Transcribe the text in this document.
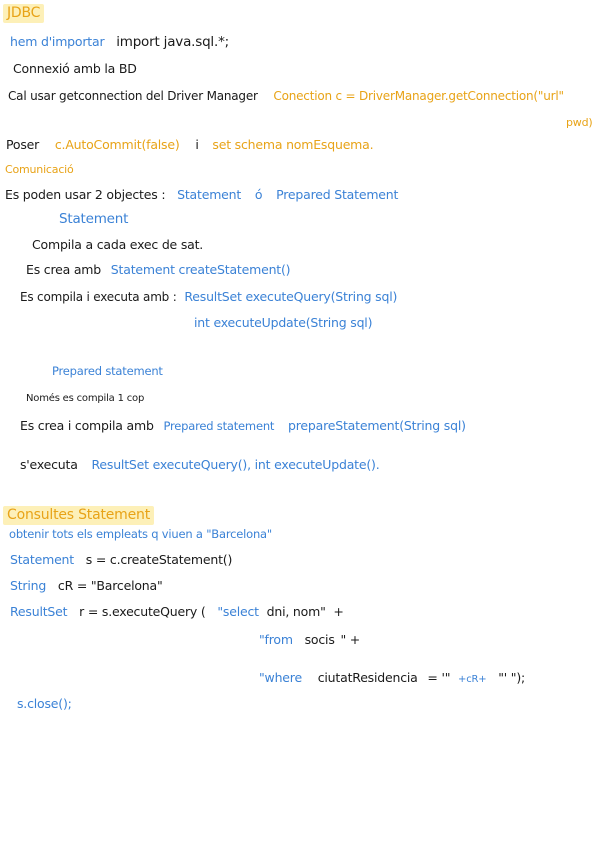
JDBC
hem d'importar import java.sql.*;
Connexió amb la BD
Cal usar getconnection del Driver Manager Conection c = DriverManager.getConnection("url"
pwd)
Poser c.AutoCommit(false) i set schema nomEsquema.
Comunicació
Es poden usar 2 objectes : Statement ó Prepared Statement
Statement
Compila a cada exec de sat.
Es crea amb Statement createStatement()
Es compila i executa amb : ResultSet executeQuery(String sql)
int executeUpdate(String sql)
Prepared statement
Només es compila 1 cop
Es crea i compila amb Prepared statement prepareStatement(String sql)
s'executa ResultSet executeQuery(), int executeUpdate().
Consultes Statement
obtenir tots els empleats q viuen a "Barcelona"
Statement s = c.createStatement()
String cR = "Barcelona"
ResultSet r = s.executeQuery ( "select dni, nom" +
"from socis " +
"where ciutatResidencia = '" +cR+ "' ");
s.close();
